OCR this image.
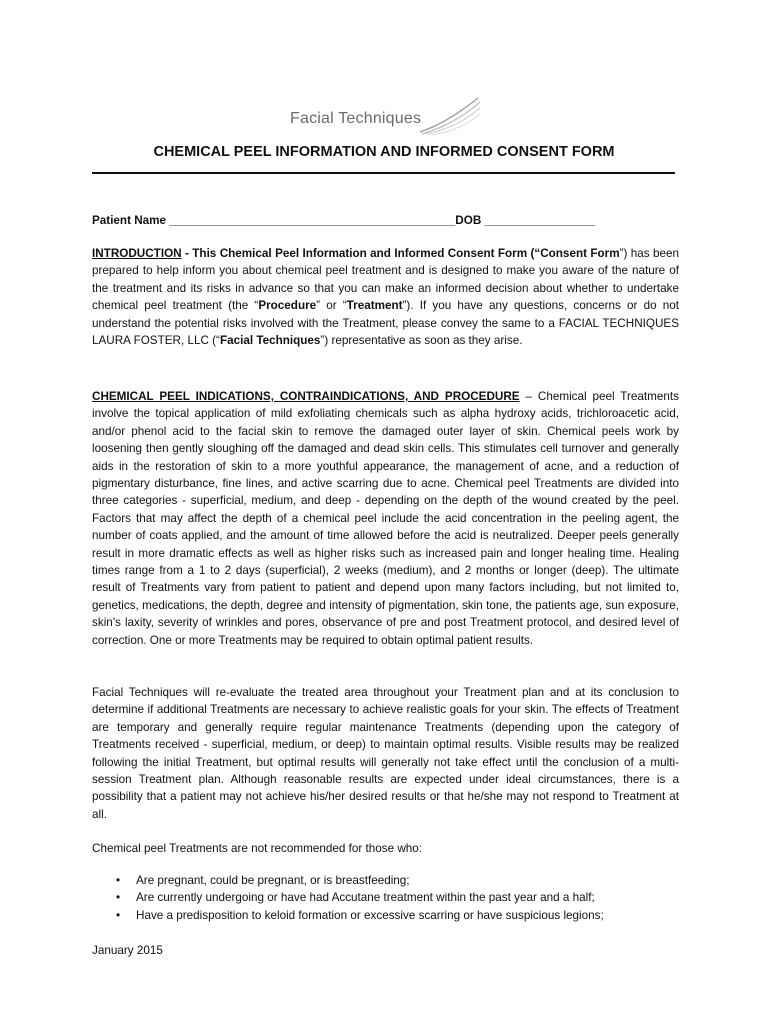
Facial Techniques
CHEMICAL PEEL INFORMATION AND INFORMED CONSENT FORM
Patient Name ____________________________________________DOB _________________

INTRODUCTION - This Chemical Peel Information and Informed Consent Form (“Consent Form”) has been prepared to help inform you about chemical peel treatment and is designed to make you aware of the nature of the treatment and its risks in advance so that you can make an informed decision about whether to undertake chemical peel treatment (the “Procedure” or “Treatment”). If you have any questions, concerns or do not understand the potential risks involved with the Treatment, please convey the same to a FACIAL TECHNIQUES LAURA FOSTER, LLC (“Facial Techniques”) representative as soon as they arise.

CHEMICAL PEEL INDICATIONS, CONTRAINDICATIONS, AND PROCEDURE – Chemical peel Treatments involve the topical application of mild exfoliating chemicals such as alpha hydroxy acids, trichloroacetic acid, and/or phenol acid to the facial skin to remove the damaged outer layer of skin. Chemical peels work by loosening then gently sloughing off the damaged and dead skin cells. This stimulates cell turnover and generally aids in the restoration of skin to a more youthful appearance, the management of acne, and a reduction of pigmentary disturbance, fine lines, and active scarring due to acne. Chemical peel Treatments are divided into three categories - superficial, medium, and deep - depending on the depth of the wound created by the peel. Factors that may affect the depth of a chemical peel include the acid concentration in the peeling agent, the number of coats applied, and the amount of time allowed before the acid is neutralized. Deeper peels generally result in more dramatic effects as well as higher risks such as increased pain and longer healing time. Healing times range from a 1 to 2 days (superficial), 2 weeks (medium), and 2 months or longer (deep). The ultimate result of Treatments vary from patient to patient and depend upon many factors including, but not limited to, genetics, medications, the depth, degree and intensity of pigmentation, skin tone, the patients age, sun exposure, skin’s laxity, severity of wrinkles and pores, observance of pre and post Treatment protocol, and desired level of correction. One or more Treatments may be required to obtain optimal patient results.

Facial Techniques will re-evaluate the treated area throughout your Treatment plan and at its conclusion to determine if additional Treatments are necessary to achieve realistic goals for your skin. The effects of Treatment are temporary and generally require regular maintenance Treatments (depending upon the category of Treatments received - superficial, medium, or deep) to maintain optimal results. Visible results may be realized following the initial Treatment, but optimal results will generally not take effect until the conclusion of a multi-session Treatment plan. Although reasonable results are expected under ideal circumstances, there is a possibility that a patient may not achieve his/her desired results or that he/she may not respond to Treatment at all.

Chemical peel Treatments are not recommended for those who:

• Are pregnant, could be pregnant, or is breastfeeding;
• Are currently undergoing or have had Accutane treatment within the past year and a half;
• Have a predisposition to keloid formation or excessive scarring or have suspicious legions;
January 2015
